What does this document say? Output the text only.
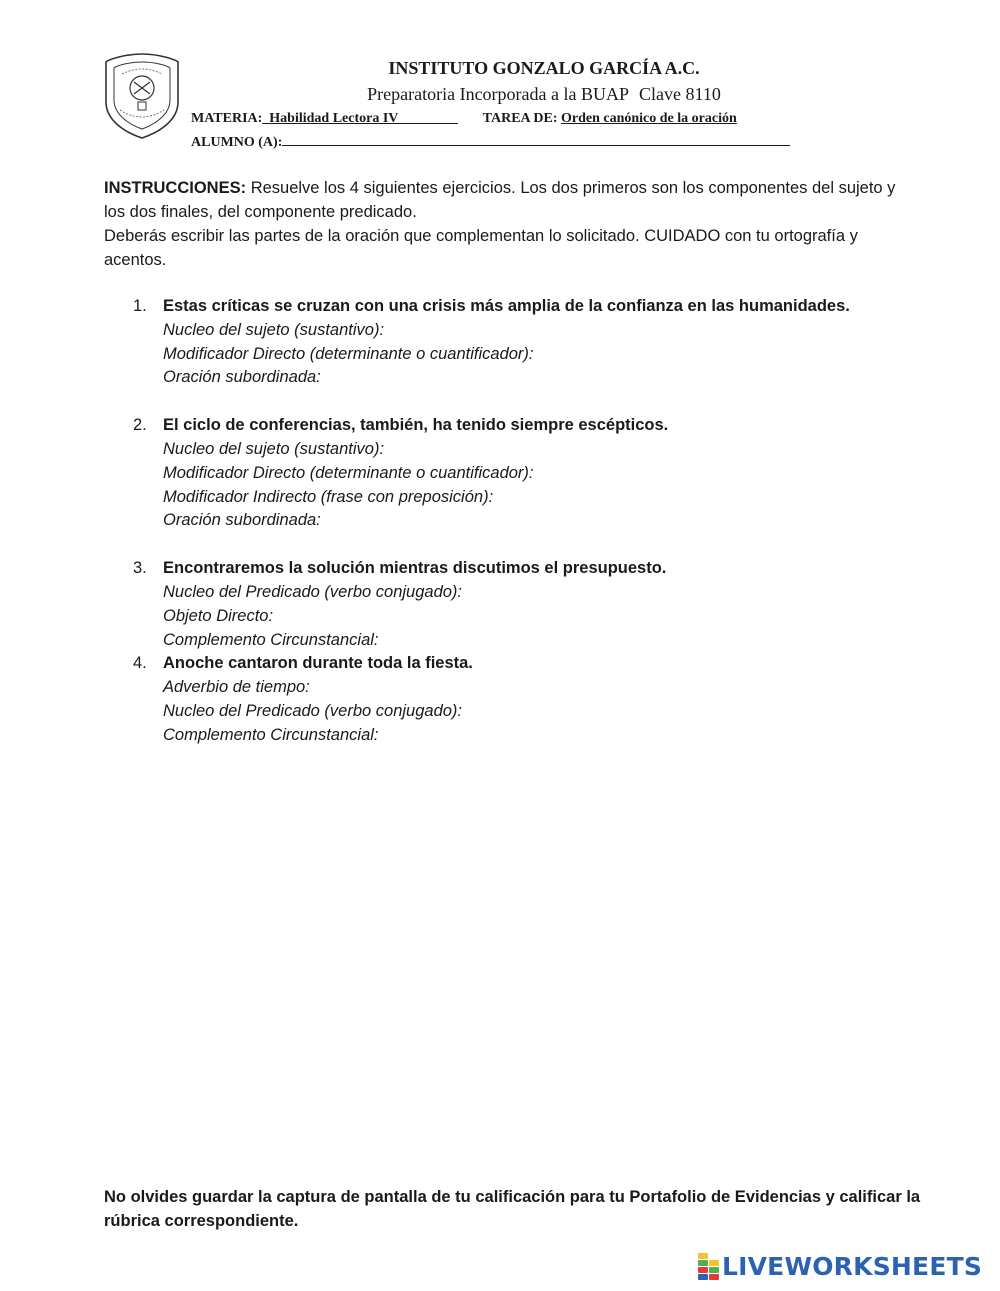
INSTITUTO GONZALO GARCÍA A.C.
Preparatoria Incorporada a la BUAP Clave 8110
MATERIA: Habilidad Lectora IV	TAREA DE: Orden canónico de la oración
ALUMNO (A):

INSTRUCCIONES: Resuelve los 4 siguientes ejercicios. Los dos primeros son los componentes del sujeto y los dos finales, del componente predicado.

Deberás escribir las partes de la oración que complementan lo solicitado. CUIDADO con tu ortografía y acentos.

1. Estas críticas se cruzan con una crisis más amplia de la confianza en las humanidades.
Nucleo del sujeto (sustantivo):
Modificador Directo (determinante o cuantificador):
Oración subordinada:
2. El ciclo de conferencias, también, ha tenido siempre escépticos.
Nucleo del sujeto (sustantivo):
Modificador Directo (determinante o cuantificador):
Modificador Indirecto (frase con preposición):
Oración subordinada:
3. Encontraremos la solución mientras discutimos el presupuesto.
Nucleo del Predicado (verbo conjugado):
Objeto Directo:
Complemento Circunstancial:
4. Anoche cantaron durante toda la fiesta.
Adverbio de tiempo:
Nucleo del Predicado (verbo conjugado):
Complemento Circunstancial:
No olvides guardar la captura de pantalla de tu calificación para tu Portafolio de Evidencias y calificar la rúbrica correspondiente.
LIVEWORKSHEETS
